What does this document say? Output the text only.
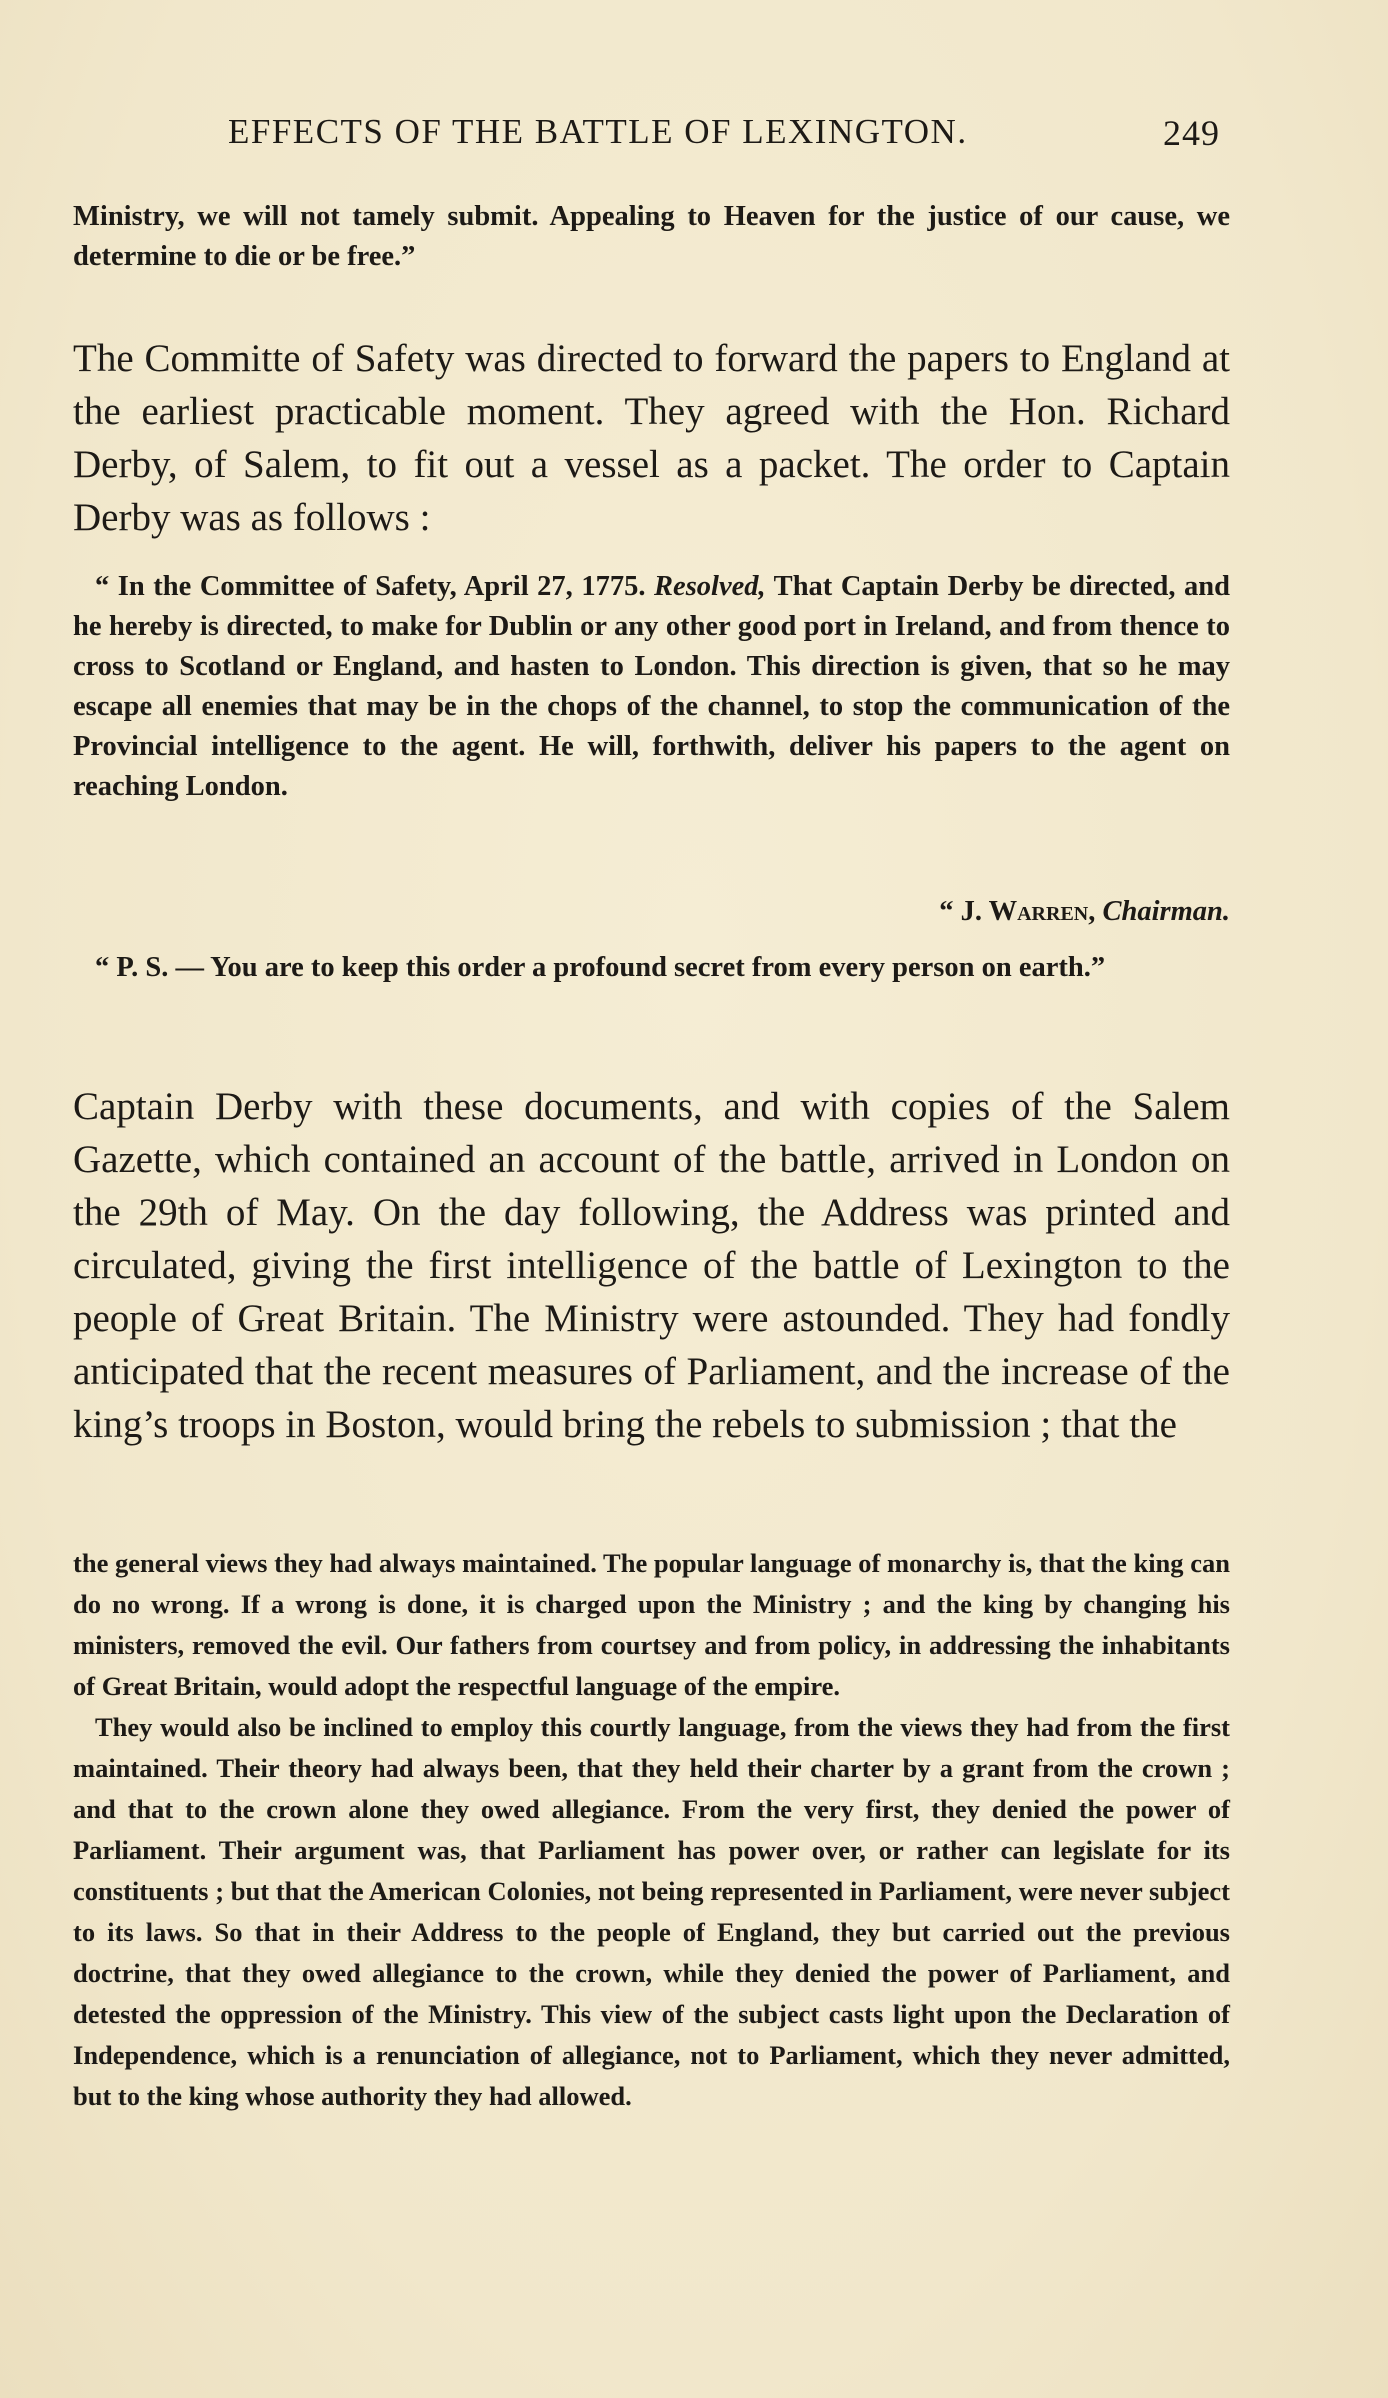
EFFECTS OF THE BATTLE OF LEXINGTON.	249

Ministry, we will not tamely submit. Appealing to Heaven for the justice of our cause, we determine to die or be free.”

The Committe of Safety was directed to forward the papers to England at the earliest practicable moment. They agreed with the Hon. Richard Derby, of Salem, to fit out a vessel as a packet. The order to Captain Derby was as follows :

“ In the Committee of Safety, April 27, 1775. Resolved, That Captain Derby be directed, and he hereby is directed, to make for Dublin or any other good port in Ireland, and from thence to cross to Scotland or England, and hasten to London. This direction is given, that so he may escape all enemies that may be in the chops of the channel, to stop the communication of the Provincial intelligence to the agent. He will, forthwith, deliver his papers to the agent on reaching London.

“ J. Warren, Chairman.

“ P. S. — You are to keep this order a profound secret from every person on earth.”

Captain Derby with these documents, and with copies of the Salem Gazette, which contained an account of the battle, arrived in London on the 29th of May. On the day following, the Address was printed and circulated, giving the first intelligence of the battle of Lexington to the people of Great Britain. The Ministry were astounded. They had fondly anticipated that the recent measures of Parliament, and the increase of the king’s troops in Boston, would bring the rebels to submission ; that the

the general views they had always maintained. The popular language of monarchy is, that the king can do no wrong. If a wrong is done, it is charged upon the Ministry ; and the king by changing his ministers, removed the evil. Our fathers from courtsey and from policy, in addressing the inhabitants of Great Britain, would adopt the respectful language of the empire.

They would also be inclined to employ this courtly language, from the views they had from the first maintained. Their theory had always been, that they held their charter by a grant from the crown ; and that to the crown alone they owed allegiance. From the very first, they denied the power of Parliament. Their argument was, that Parliament has power over, or rather can legislate for its constituents ; but that the American Colonies, not being represented in Parliament, were never subject to its laws. So that in their Address to the people of England, they but carried out the previous doctrine, that they owed allegiance to the crown, while they denied the power of Parliament, and detested the oppression of the Ministry. This view of the subject casts light upon the Declaration of Independence, which is a renunciation of allegiance, not to Parliament, which they never admitted, but to the king whose authority they had allowed.
